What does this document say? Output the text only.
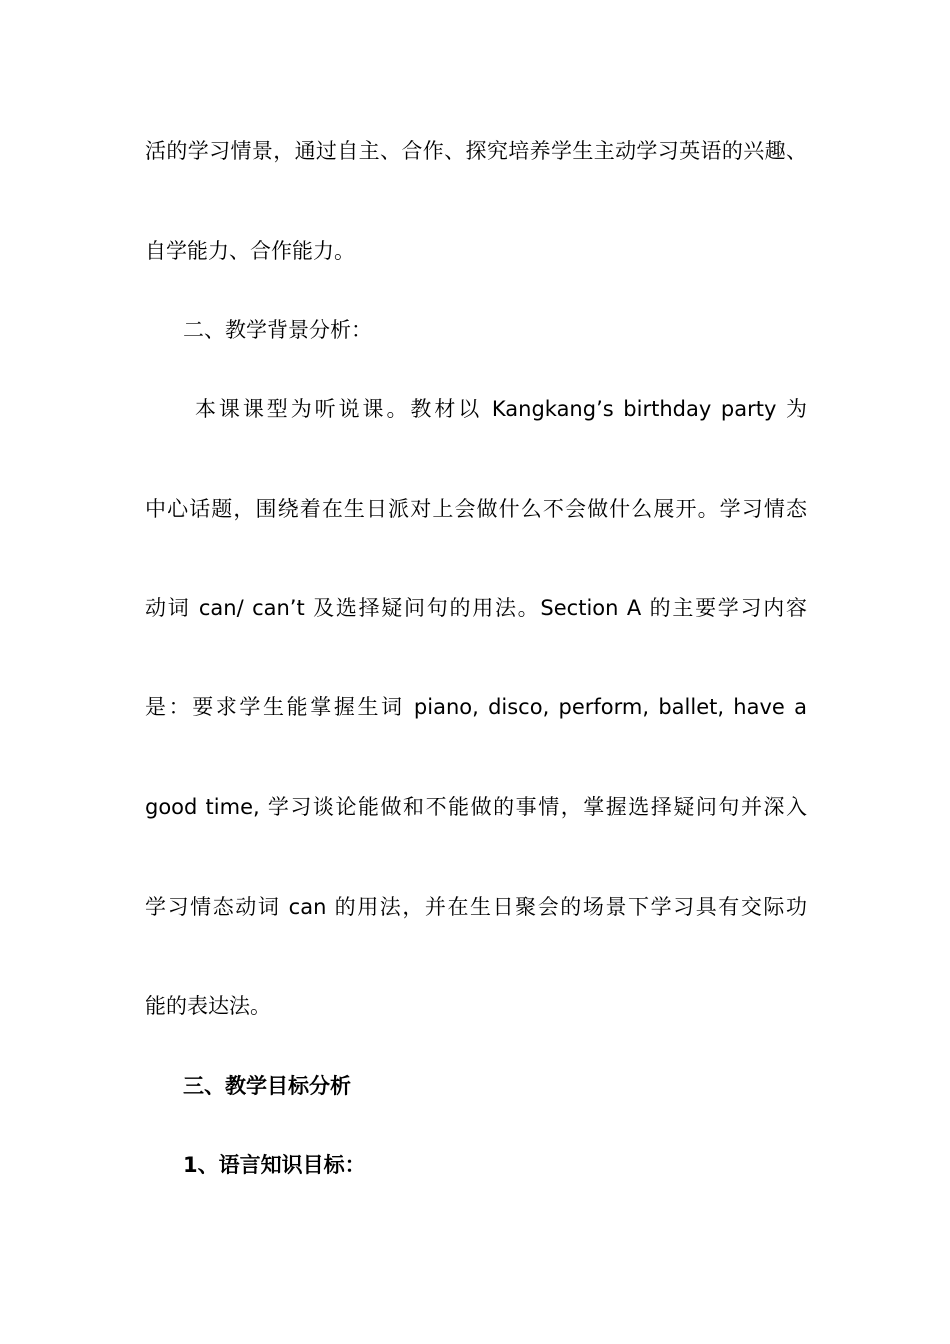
活的学习情景，通过自主、合作、探究培养学生主动学习英语的兴趣、
自学能力、合作能力。
二、教学背景分析：
本课课型为听说课。教材以 Kangkang’s birthday party 为
中心话题，围绕着在生日派对上会做什么不会做什么展开。学习情态
动词 can/ can’t 及选择疑问句的用法。Section A 的主要学习内容
是：要求学生能掌握生词 piano, disco, perform, ballet, have a
good time, 学习谈论能做和不能做的事情，掌握选择疑问句并深入
学习情态动词 can 的用法，并在生日聚会的场景下学习具有交际功
能的表达法。
三、教学目标分析
1、语言知识目标：
